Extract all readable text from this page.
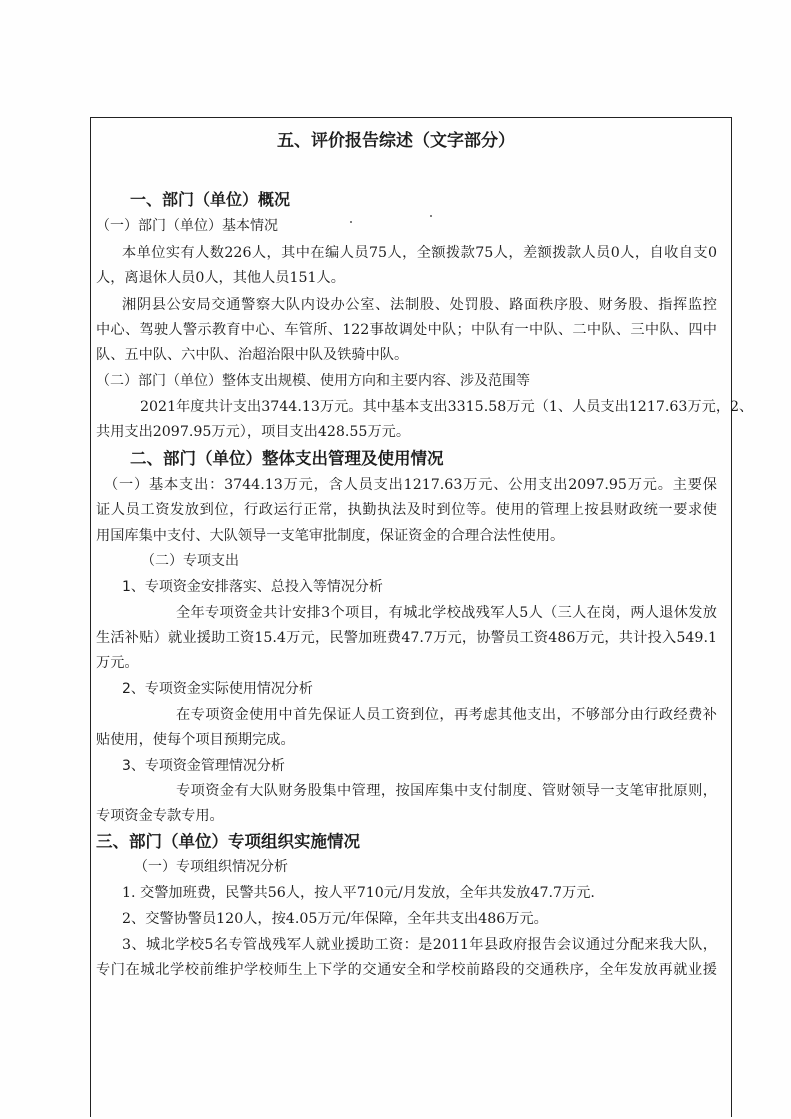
五、评价报告综述（文字部分）
一、部门（单位）概况
（一）部门（单位）基本情况
本单位实有人数226人，其中在编人员75人，全额拨款75人，差额拨款人员0人，自收自支0
人，离退休人员0人，其他人员151人。
湘阴县公安局交通警察大队内设办公室、法制股、处罚股、路面秩序股、财务股、指挥监控
中心、驾驶人警示教育中心、车管所、122事故调处中队；中队有一中队、二中队、三中队、四中
队、五中队、六中队、治超治限中队及铁骑中队。
（二）部门（单位）整体支出规模、使用方向和主要内容、涉及范围等
2021年度共计支出3744.13万元。其中基本支出3315.58万元（1、人员支出1217.63万元，2、
共用支出2097.95万元），项目支出428.55万元。
二、部门（单位）整体支出管理及使用情况
（一）基本支出：3744.13万元，含人员支出1217.63万元、公用支出2097.95万元。主要保
证人员工资发放到位，行政运行正常，执勤执法及时到位等。使用的管理上按县财政统一要求使
用国库集中支付、大队领导一支笔审批制度，保证资金的合理合法性使用。
（二）专项支出
1、专项资金安排落实、总投入等情况分析
全年专项资金共计安排3个项目，有城北学校战残军人5人（三人在岗，两人退休发放
生活补贴）就业援助工资15.4万元，民警加班费47.7万元，协警员工资486万元，共计投入549.1
万元。
2、专项资金实际使用情况分析
在专项资金使用中首先保证人员工资到位，再考虑其他支出，不够部分由行政经费补
贴使用，使每个项目预期完成。
3、专项资金管理情况分析
专项资金有大队财务股集中管理，按国库集中支付制度、管财领导一支笔审批原则，
专项资金专款专用。
三、部门（单位）专项组织实施情况
（一）专项组织情况分析
1. 交警加班费，民警共56人，按人平710元/月发放，全年共发放47.7万元.
2、交警协警员120人，按4.05万元/年保障，全年共支出486万元。
3、城北学校5名专管战残军人就业援助工资：是2011年县政府报告会议通过分配来我大队，
专门在城北学校前维护学校师生上下学的交通安全和学校前路段的交通秩序，全年发放再就业援
